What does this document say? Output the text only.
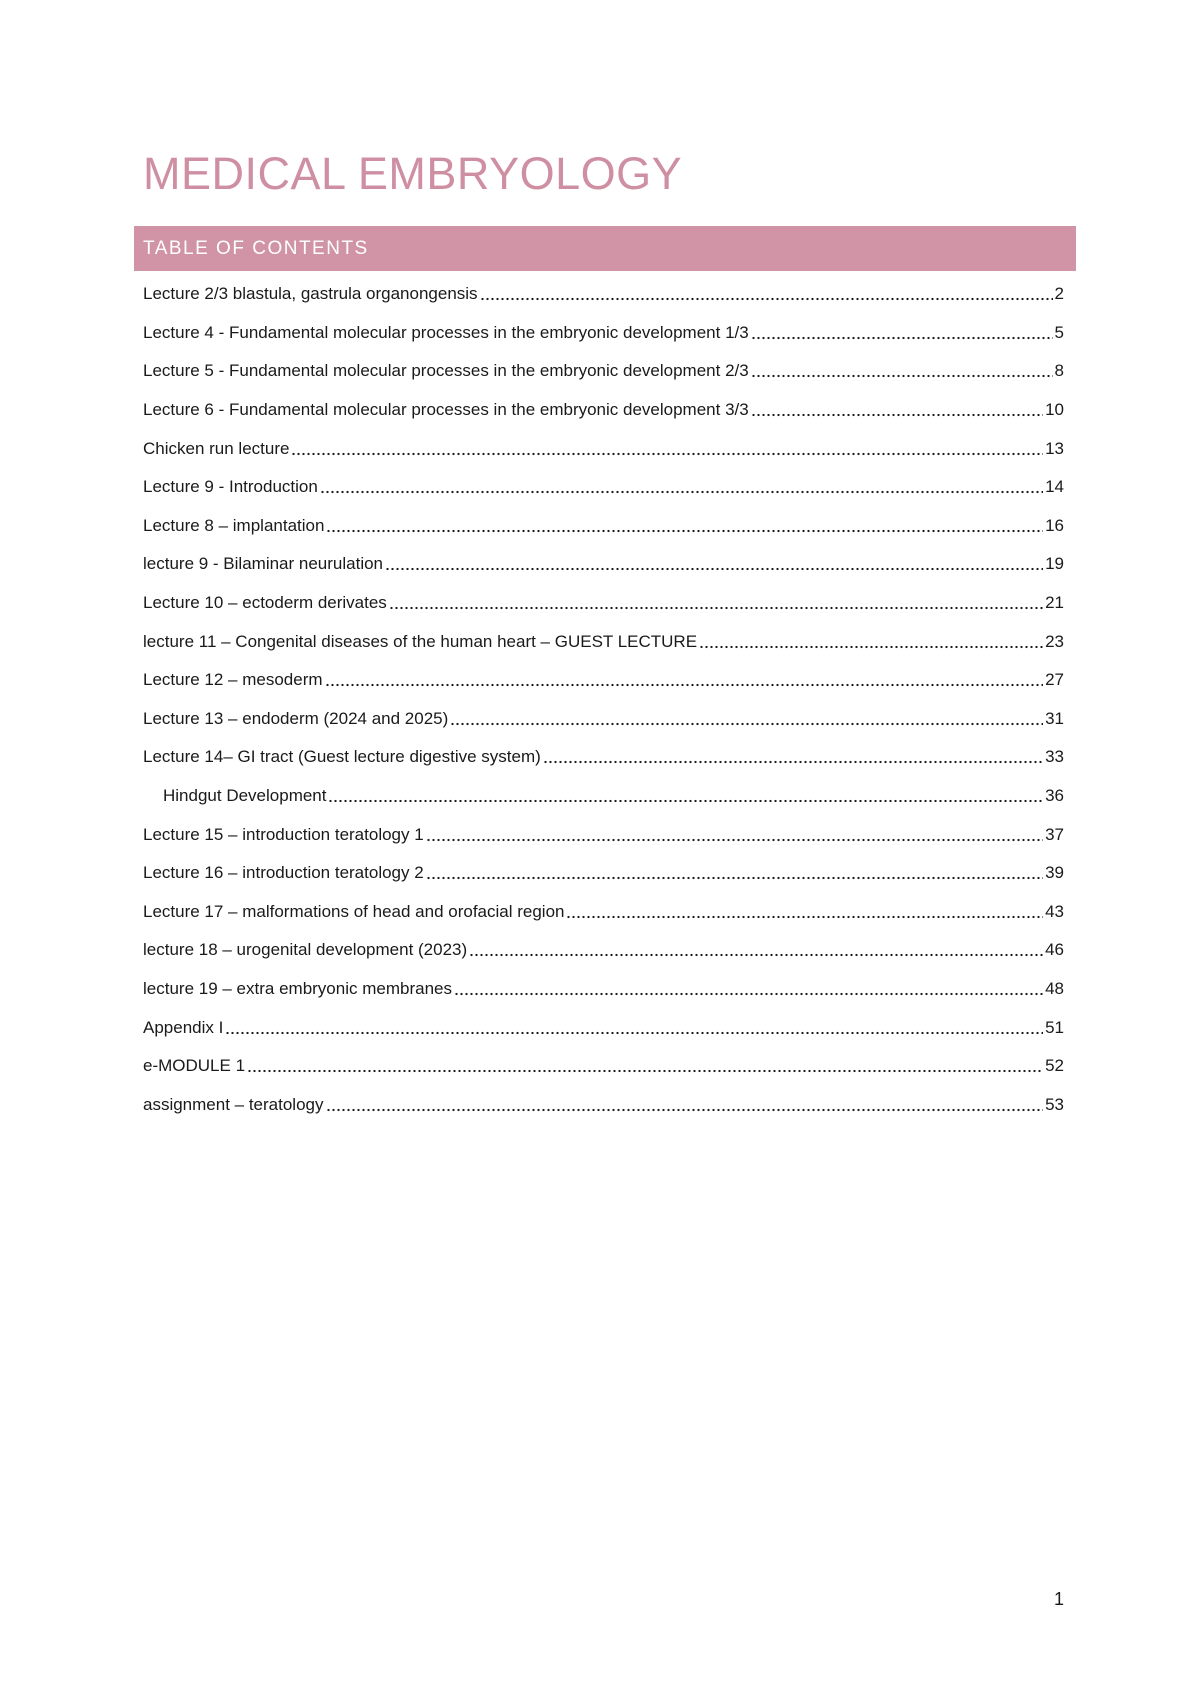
MEDICAL EMBRYOLOGY
TABLE OF CONTENTS
Lecture 2/3 blastula, gastrula organongensis	2
Lecture 4 - Fundamental molecular processes in the embryonic development 1/3	5
Lecture 5 - Fundamental molecular processes in the embryonic development 2/3	8
Lecture 6 - Fundamental molecular processes in the embryonic development 3/3	10
Chicken run lecture	13
Lecture 9 - Introduction	14
Lecture 8 – implantation	16
lecture 9 - Bilaminar neurulation	19
Lecture 10 – ectoderm derivates	21
lecture 11 – Congenital diseases of the human heart – GUEST LECTURE	23
Lecture 12 – mesoderm	27
Lecture 13 – endoderm (2024 and 2025)	31
Lecture 14– GI tract (Guest lecture digestive system)	33
Hindgut Development	36
Lecture 15 – introduction teratology 1	37
Lecture 16 – introduction teratology 2	39
Lecture 17 – malformations of head and orofacial region	43
lecture 18 – urogenital development (2023)	46
lecture 19 – extra embryonic membranes	48
Appendix I	51
e-MODULE 1	52
assignment – teratology	53
1
